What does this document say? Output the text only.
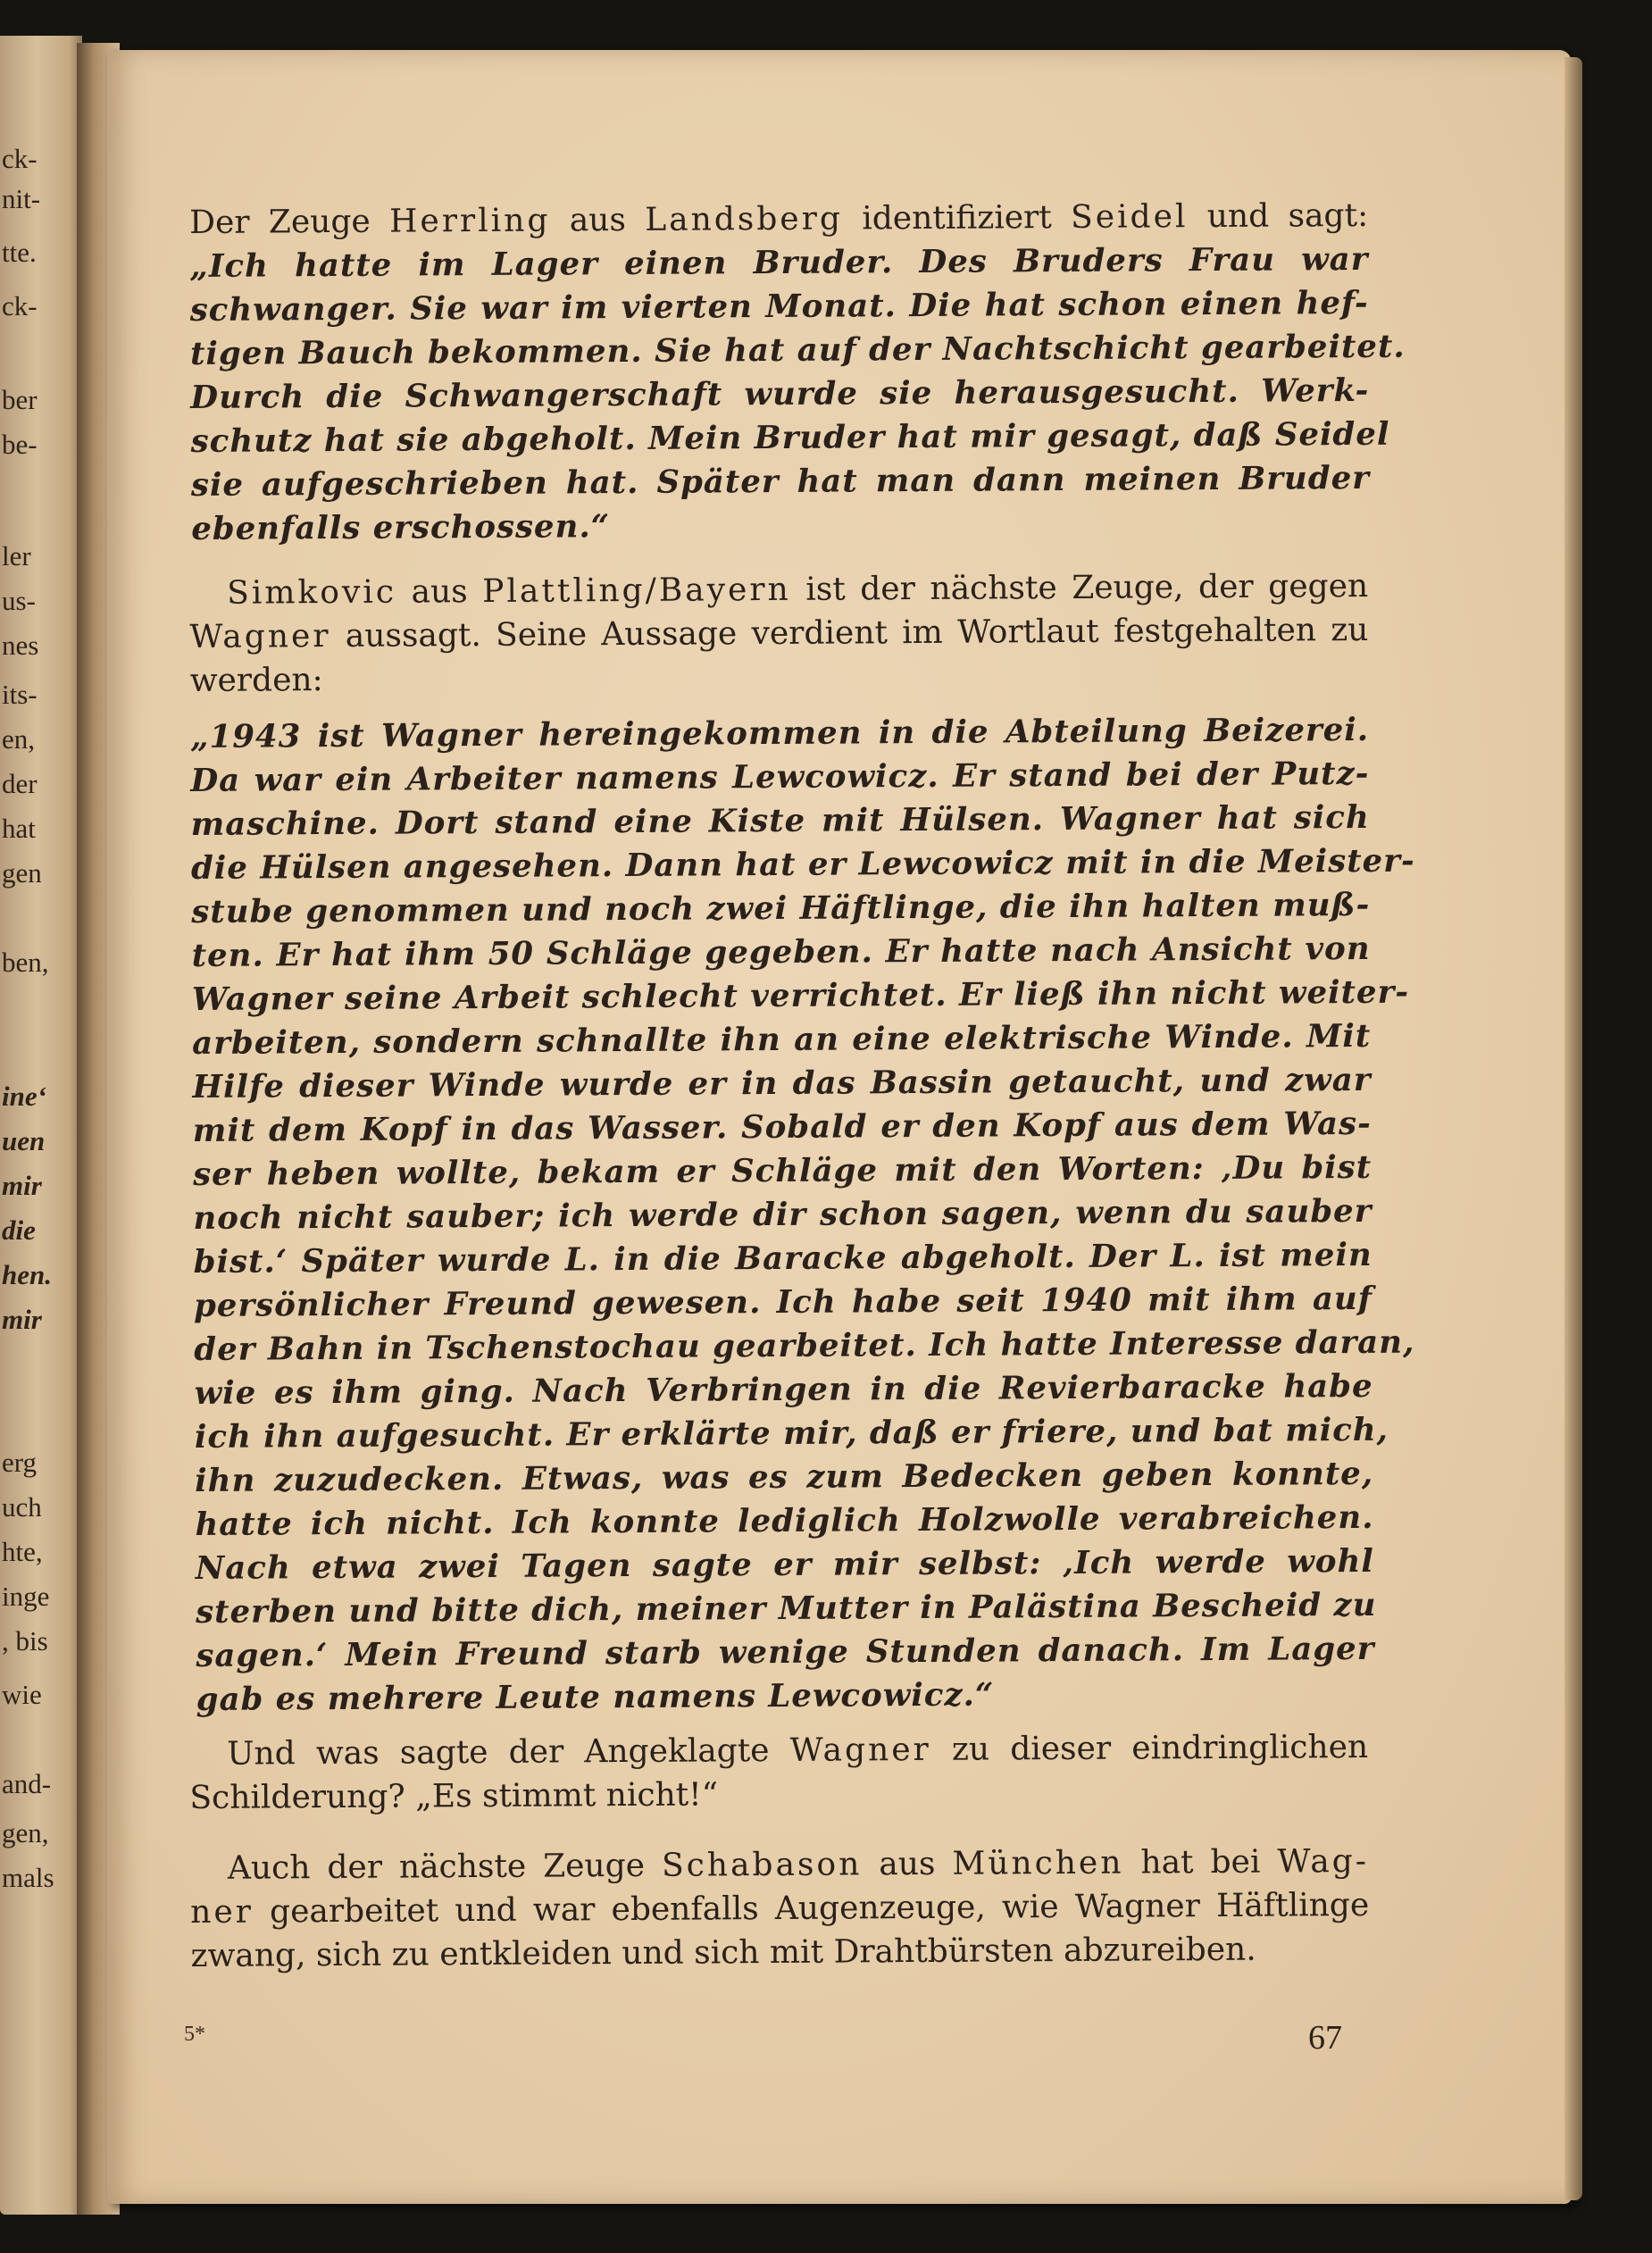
ck-
nit-
tte.
ck-
ber
be-
ler
us-
nes
its-
en,
der
hat
gen
ben,
ine‘
uen
mir
die
hen.
mir
erg
uch
hte,
inge
, bis
wie
and-
gen,
mals

Der Zeuge Herrling aus Landsberg identifiziert Seidel und sagt:

„Ich hatte im Lager einen Bruder. Des Bruders Frau war
schwanger. Sie war im vierten Monat. Die hat schon einen hef-
tigen Bauch bekommen. Sie hat auf der Nachtschicht gearbeitet.
Durch die Schwangerschaft wurde sie herausgesucht. Werk-
schutz hat sie abgeholt. Mein Bruder hat mir gesagt, daß Seidel
sie aufgeschrieben hat. Später hat man dann meinen Bruder
ebenfalls erschossen.“

Simkovic aus Plattling/Bayern ist der nächste Zeuge, der gegen
Wagner aussagt. Seine Aussage verdient im Wortlaut festgehalten zu
werden:

„1943 ist Wagner hereingekommen in die Abteilung Beizerei.
Da war ein Arbeiter namens Lewcowicz. Er stand bei der Putz-
maschine. Dort stand eine Kiste mit Hülsen. Wagner hat sich
die Hülsen angesehen. Dann hat er Lewcowicz mit in die Meister-
stube genommen und noch zwei Häftlinge, die ihn halten muß-
ten. Er hat ihm 50 Schläge gegeben. Er hatte nach Ansicht von
Wagner seine Arbeit schlecht verrichtet. Er ließ ihn nicht weiter-
arbeiten, sondern schnallte ihn an eine elektrische Winde. Mit
Hilfe dieser Winde wurde er in das Bassin getaucht, und zwar
mit dem Kopf in das Wasser. Sobald er den Kopf aus dem Was-
ser heben wollte, bekam er Schläge mit den Worten: ‚Du bist
noch nicht sauber; ich werde dir schon sagen, wenn du sauber
bist.‘ Später wurde L. in die Baracke abgeholt. Der L. ist mein
persönlicher Freund gewesen. Ich habe seit 1940 mit ihm auf
der Bahn in Tschenstochau gearbeitet. Ich hatte Interesse daran,
wie es ihm ging. Nach Verbringen in die Revierbaracke habe
ich ihn aufgesucht. Er erklärte mir, daß er friere, und bat mich,
ihn zuzudecken. Etwas, was es zum Bedecken geben konnte,
hatte ich nicht. Ich konnte lediglich Holzwolle verabreichen.
Nach etwa zwei Tagen sagte er mir selbst: ‚Ich werde wohl
sterben und bitte dich, meiner Mutter in Palästina Bescheid zu
sagen.‘ Mein Freund starb wenige Stunden danach. Im Lager
gab es mehrere Leute namens Lewcowicz.“

Und was sagte der Angeklagte Wagner zu dieser eindringlichen
Schilderung? „Es stimmt nicht!“

Auch der nächste Zeuge Schabason aus München hat bei Wag-
ner gearbeitet und war ebenfalls Augenzeuge, wie Wagner Häftlinge
zwang, sich zu entkleiden und sich mit Drahtbürsten abzureiben.

5*	67
